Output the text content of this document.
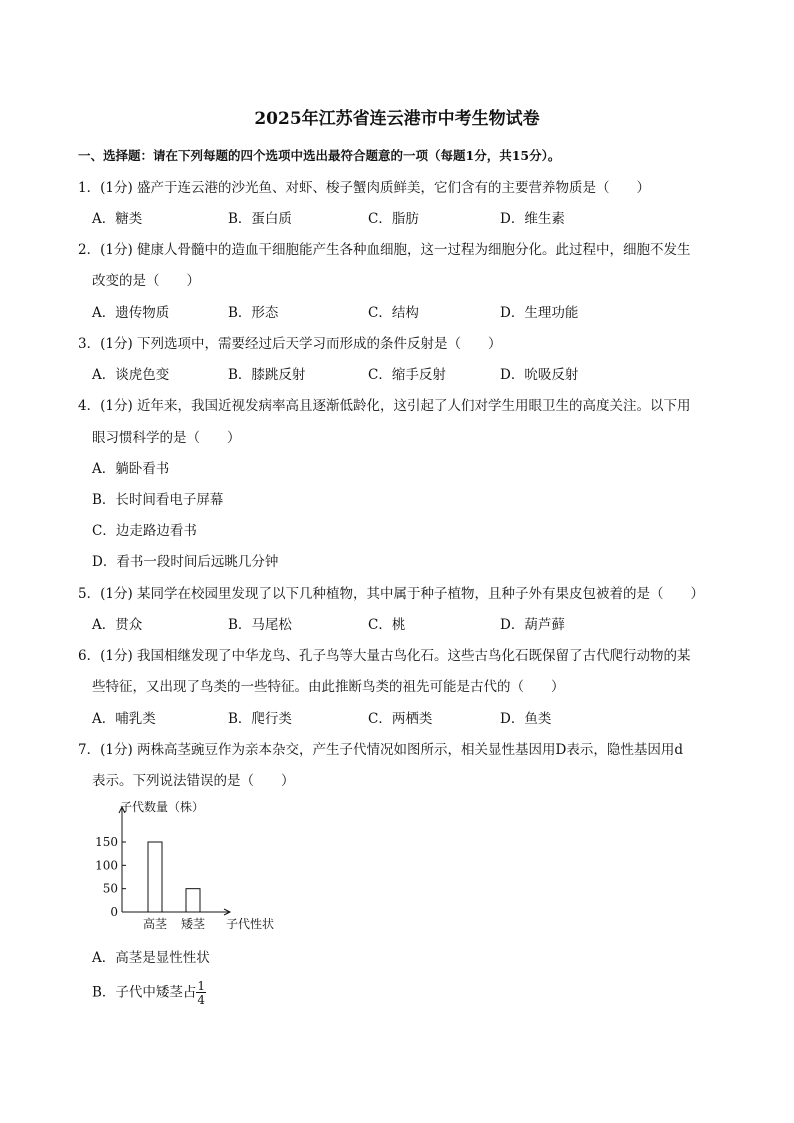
2025年江苏省连云港市中考生物试卷
一、选择题：请在下列每题的四个选项中选出最符合题意的一项（每题1分，共15分）。
1．(1分) 盛产于连云港的沙光鱼、对虾、梭子蟹肉质鲜美，它们含有的主要营养物质是（　　）
A．糖类	B．蛋白质	C．脂肪	D．维生素
2．(1分) 健康人骨髓中的造血干细胞能产生各种血细胞，这一过程为细胞分化。此过程中，细胞不发生
改变的是（　　）
A．遗传物质	B．形态	C．结构	D．生理功能
3．(1分) 下列选项中，需要经过后天学习而形成的条件反射是（　　）
A．谈虎色变	B．膝跳反射	C．缩手反射	D．吮吸反射
4．(1分) 近年来，我国近视发病率高且逐渐低龄化，这引起了人们对学生用眼卫生的高度关注。以下用
眼习惯科学的是（　　）
A．躺卧看书
B．长时间看电子屏幕
C．边走路边看书
D．看书一段时间后远眺几分钟
5．(1分) 某同学在校园里发现了以下几种植物，其中属于种子植物，且种子外有果皮包被着的是（　　）
A．贯众	B．马尾松	C．桃	D．葫芦藓
6．(1分) 我国相继发现了中华龙鸟、孔子鸟等大量古鸟化石。这些古鸟化石既保留了古代爬行动物的某
些特征，又出现了鸟类的一些特征。由此推断鸟类的祖先可能是古代的（　　）
A．哺乳类	B．爬行类	C．两栖类	D．鱼类
7．(1分) 两株高茎豌豆作为亲本杂交，产生子代情况如图所示，相关显性基因用D表示，隐性基因用d
表示。下列说法错误的是（　　）
0
50
100
150
子代数量（株）
高茎 矮茎 子代性状
A．高茎是显性性状
B．子代中矮茎占 $\frac{1}{4}$
